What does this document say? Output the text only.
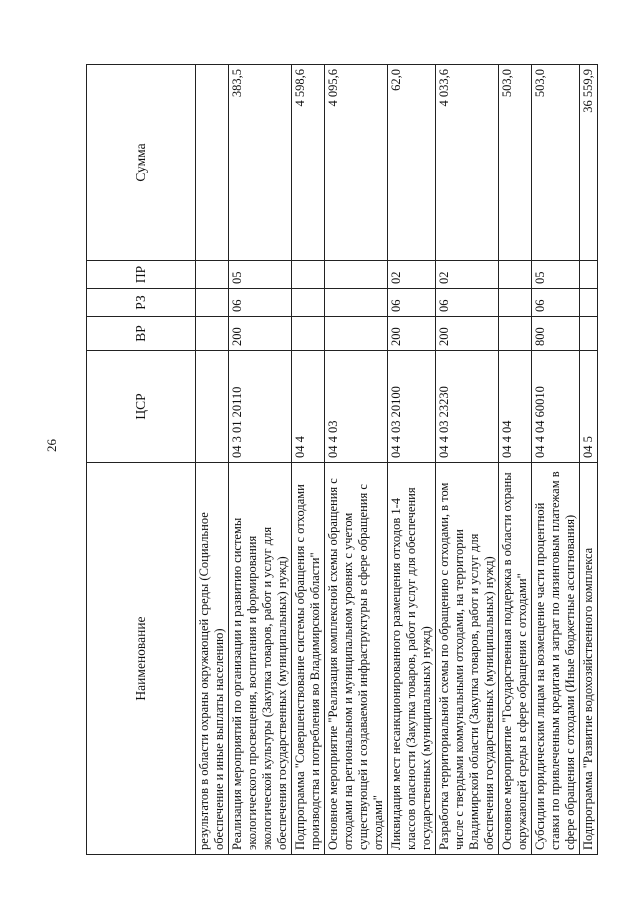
26
Наименование	ЦСР	ВР	РЗ	ПР	Сумма
результатов в области охраны окружающей среды (Социальное обеспечение и иные выплаты населению)					
Реализация мероприятий по организации и развитию системы экологического просвещения, воспитания и формирования экологической культуры (Закупка товаров, работ и услуг для обеспечения государственных (муниципальных) нужд)	04 3 01 20110	200	06	05	383,5
Подпрограмма "Совершенствование системы обращения с отходами производства и потребления во Владимирской области"	04 4				4 598,6
Основное мероприятие "Реализация комплексной схемы обращения с отходами на региональном и муниципальном уровнях с учетом существующей и создаваемой инфраструктуры в сфере обращения с отходами"	04 4 03				4 095,6
Ликвидация мест несанкционированного размещения отходов 1-4 классов опасности (Закупка товаров, работ и услуг для обеспечения государственных (муниципальных) нужд)	04 4 03 20100	200	06	02	62,0
Разработка территориальной схемы по обращению с отходами, в том числе с твердыми коммунальными отходами, на территории Владимирской области (Закупка товаров, работ и услуг для обеспечения государственных (муниципальных) нужд)	04 4 03 23230	200	06	02	4 033,6
Основное мероприятие "Государственная поддержка в области охраны окружающей среды в сфере обращения с отходами"	04 4 04				503,0
Субсидии юридическим лицам на возмещение части процентной ставки по привлеченным кредитам и затрат по лизинговым платежам в сфере обращения с отходами (Иные бюджетные ассигнования)	04 4 04 60010	800	06	05	503,0
Подпрограмма "Развитие водохозяйственного комплекса	04 5				36 559,9
